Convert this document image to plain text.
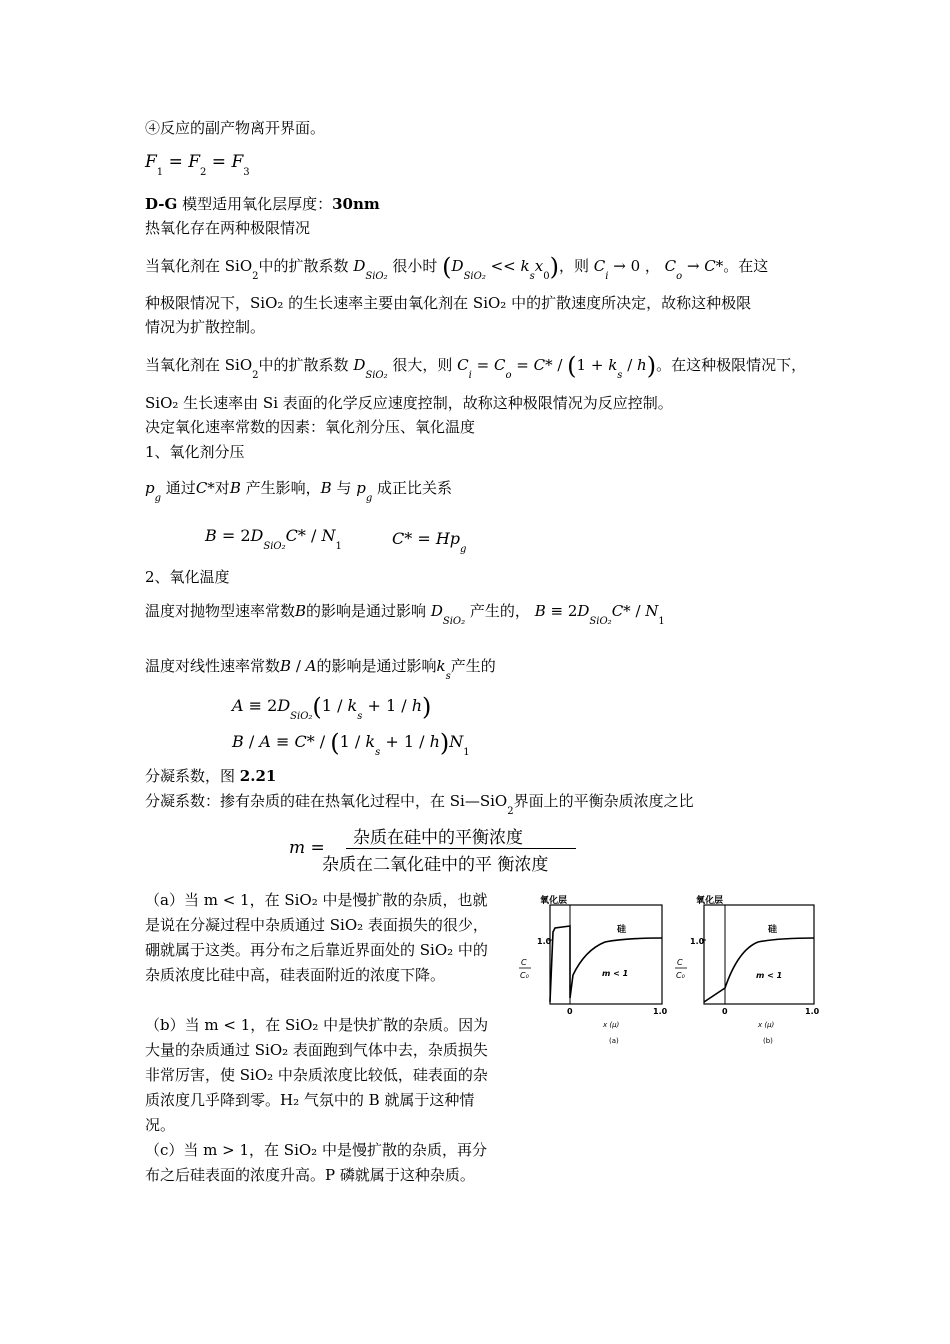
④反应的副产物离开界面。
$F_1 = F_2 = F_3$
D-G 模型适用氧化层厚度：30nm
热氧化存在两种极限情况
当氧化剂在 SiO$_2$中的扩散系数 $D_{SiO_2}$ 很小时 $(D_{SiO_2} << k_sx_0)$，则 $C_i \to 0$ ， $C_o \to C*$。在这
种极限情况下，SiO₂ 的生长速率主要由氧化剂在 SiO₂ 中的扩散速度所决定，故称这种极限
情况为扩散控制。
当氧化剂在 SiO$_2$中的扩散系数 $D_{SiO_2}$ 很大，则 $C_i = C_o = C* / (1 + k_s / h)$。在这种极限情况下，
SiO₂ 生长速率由 Si 表面的化学反应速度控制，故称这种极限情况为反应控制。
决定氧化速率常数的因素：氧化剂分压、氧化温度
1、氧化剂分压
$p_g$ 通过C*对B 产生影响，B 与 $p_g$ 成正比关系
$B = 2D_{SiO_2}C* / N_1$	$C* = Hp_g$
2、氧化温度
温度对抛物型速率常数B的影响是通过影响 $D_{SiO_2}$ 产生的， $B \equiv 2D_{SiO_2}C* / N_1$
温度对线性速率常数B / A的影响是通过影响$k_s$产生的
$A \equiv 2D_{SiO_2}(1 / k_s + 1 / h)$
$B / A \equiv C* / (1 / k_s + 1 / h)N_1$
分凝系数，图 2.21
分凝系数：掺有杂质的硅在热氧化过程中，在 Si—SiO$_2$界面上的平衡杂质浓度之比
m = 杂质在硅中的平衡浓度
杂质在二氧化硅中的平 衡浓度
（a）当 m < 1，在 SiO₂ 中是慢扩散的杂质，也就是说在分凝过程中杂质通过 SiO₂ 表面损失的很少，硼就属于这类。再分布之后靠近界面处的 SiO₂ 中的杂质浓度比硅中高，硅表面附近的浓度下降。
（b）当 m < 1，在 SiO₂ 中是快扩散的杂质。因为大量的杂质通过 SiO₂ 表面跑到气体中去，杂质损失非常厉害，使 SiO₂ 中杂质浓度比较低，硅表面的杂质浓度几乎降到零。H₂ 气氛中的 B 就属于这种情况。
（c）当 m > 1，在 SiO₂ 中是慢扩散的杂质，再分布之后硅表面的浓度升高。P 磷就属于这种杂质。
氧化层
硅
1.0
C
C₀	m < 1
0	1.0
x (μ)
(a)
氧化层
硅
1.0
C
C₀	m < 1
0	1.0
x (μ)
(b)
